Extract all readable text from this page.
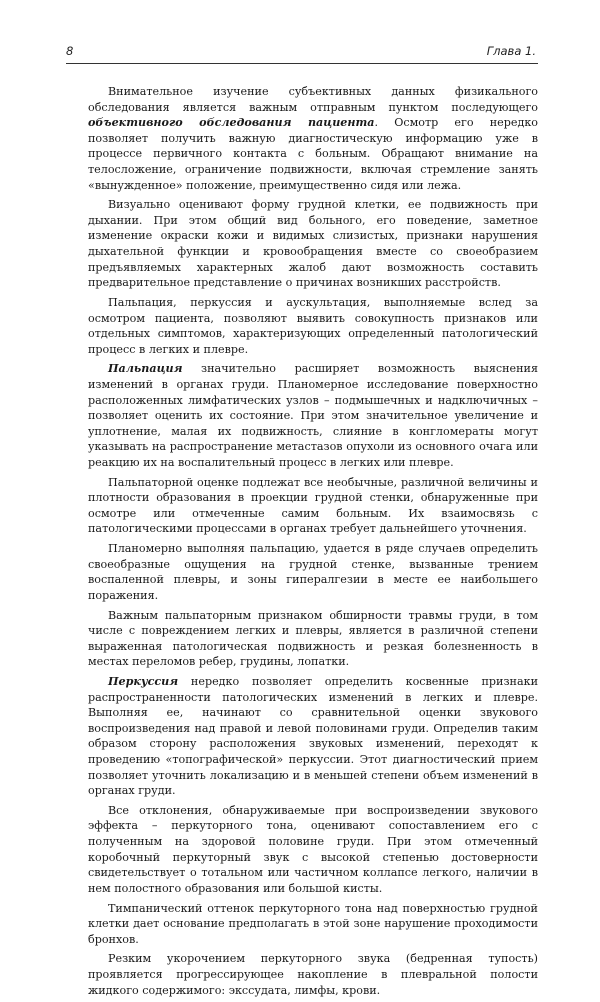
8	Глава 1.

Внимательное изучение субъективных данных физикального обследования является важным отправным пунктом последующего объективного обследования пациента. Осмотр его нередко позволяет получить важную диагностическую информацию уже в процессе первичного контакта с больным. Обращают внимание на телосложение, ограничение подвижности, включая стремление занять «вынужденное» положение, преимущественно сидя или лежа.

Визуально оценивают форму грудной клетки, ее подвижность при дыхании. При этом общий вид больного, его поведение, заметное изменение окраски кожи и видимых слизистых, признаки нарушения дыхательной функции и кровообращения вместе со своеобразием предъявляемых характерных жалоб дают возможность составить предварительное представление о причинах возникших расстройств.

Пальпация, перкуссия и аускультация, выполняемые вслед за осмотром пациента, позволяют выявить совокупность признаков или отдельных симптомов, характеризующих определенный патологический процесс в легких и плевре.

Пальпация значительно расширяет возможность выяснения изменений в органах груди. Планомерное исследование поверхностно расположенных лимфатических узлов – подмышечных и надключичных – позволяет оценить их состояние. При этом значительное увеличение и уплотнение, малая их подвижность, слияние в конгломераты могут указывать на распространение метастазов опухоли из основного очага или реакцию их на воспалительный процесс в легких или плевре.

Пальпаторной оценке подлежат все необычные, различной величины и плотности образования в проекции грудной стенки, обнаруженные при осмотре или отмеченные самим больным. Их взаимосвязь с патологическими процессами в органах требует дальнейшего уточнения.

Планомерно выполняя пальпацию, удается в ряде случаев определить своеобразные ощущения на грудной стенке, вызванные трением воспаленной плевры, и зоны гипералгезии в месте ее наибольшего поражения.

Важным пальпаторным признаком обширности травмы груди, в том числе с повреждением легких и плевры, является в различной степени выраженная патологическая подвижность и резкая болезненность в местах переломов ребер, грудины, лопатки.

Перкуссия нередко позволяет определить косвенные признаки распространенности патологических изменений в легких и плевре. Выполняя ее, начинают со сравнительной оценки звукового воспроизведения над правой и левой половинами груди. Определив таким образом сторону расположения звуковых изменений, переходят к проведению «топографической» перкуссии. Этот диагностический прием позволяет уточнить локализацию и в меньшей степени объем изменений в органах груди.

Все отклонения, обнаруживаемые при воспроизведении звукового эффекта – перкуторного тона, оценивают сопоставлением его с полученным на здоровой половине груди. При этом отмеченный коробочный перкуторный звук с высокой степенью достоверности свидетельствует о тотальном или частичном коллапсе легкого, наличии в нем полостного образования или большой кисты.

Тимпанический оттенок перкуторного тона над поверхностью грудной клетки дает основание предполагать в этой зоне нарушение проходимости бронхов.

Резким укорочением перкуторного звука (бедренная тупость) проявляется прогрессирующее накопление в плевральной полости жидкого содержимого: экссудата, лимфы, крови.
